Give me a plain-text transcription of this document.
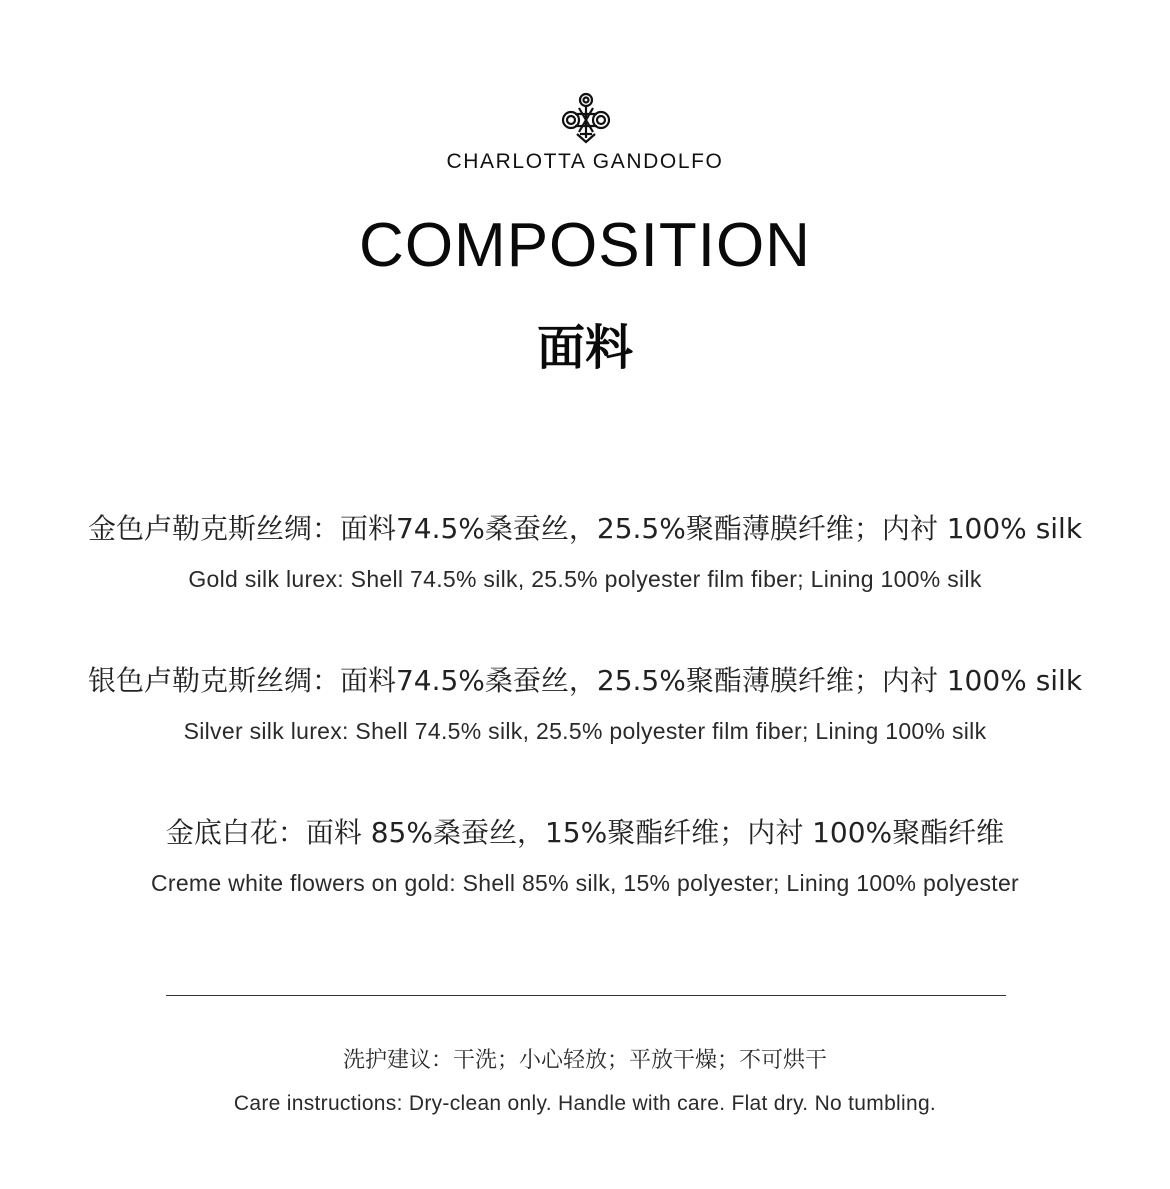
CHARLOTTA GANDOLFO
COMPOSITION
面料
金色卢勒克斯丝绸：面料74.5%桑蚕丝，25.5%聚酯薄膜纤维；内衬 100% silk
Gold silk lurex: Shell 74.5% silk, 25.5% polyester film fiber; Lining 100% silk
银色卢勒克斯丝绸：面料74.5%桑蚕丝，25.5%聚酯薄膜纤维；内衬 100% silk
Silver silk lurex: Shell 74.5% silk, 25.5% polyester film fiber; Lining 100% silk
金底白花：面料 85%桑蚕丝，15%聚酯纤维；内衬 100%聚酯纤维
Creme white flowers on gold: Shell 85% silk, 15% polyester; Lining 100% polyester
洗护建议：干洗；小心轻放；平放干燥；不可烘干
Care instructions: Dry-clean only. Handle with care. Flat dry. No tumbling.
